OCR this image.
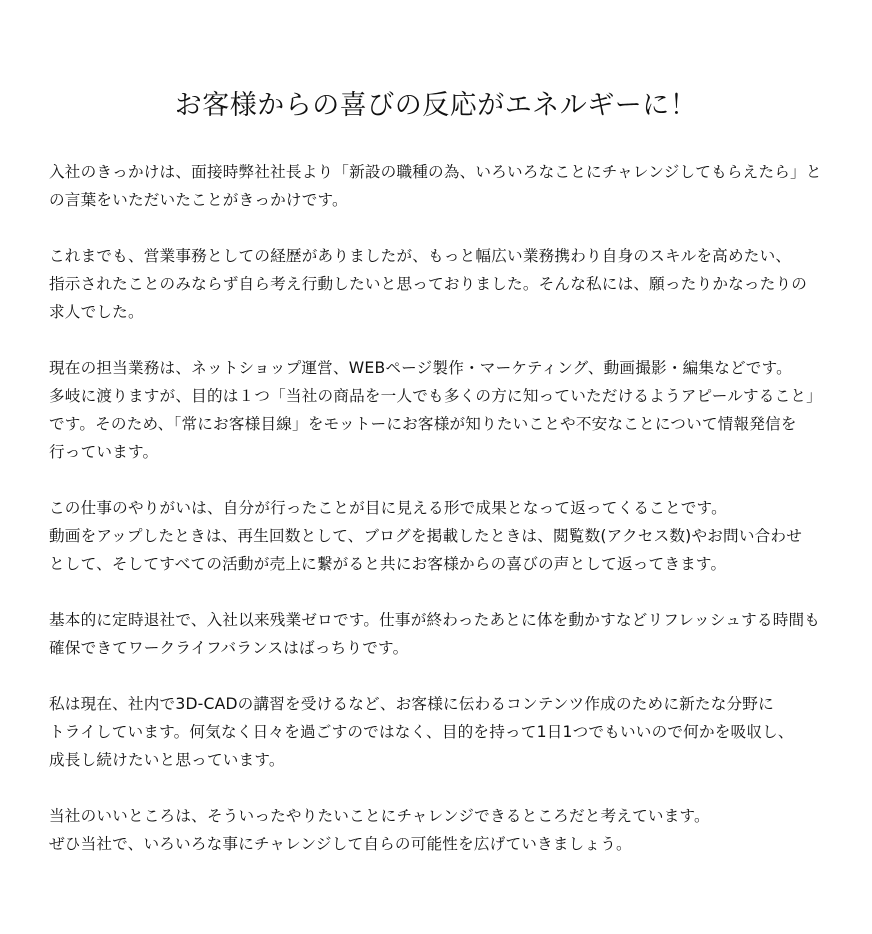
お客様からの喜びの反応がエネルギーに！

入社のきっかけは、面接時弊社社長より「新設の職種の為、いろいろなことにチャレンジしてもらえたら」と
の言葉をいただいたことがきっかけです。

これまでも、営業事務としての経歴がありましたが、もっと幅広い業務携わり自身のスキルを高めたい、
指示されたことのみならず自ら考え行動したいと思っておりました。そんな私には、願ったりかなったりの
求人でした。

現在の担当業務は、ネットショップ運営、WEBページ製作・マーケティング、動画撮影・編集などです。
多岐に渡りますが、目的は１つ「当社の商品を一人でも多くの方に知っていただけるようアピールすること」
です。そのため、「常にお客様目線」をモットーにお客様が知りたいことや不安なことについて情報発信を
行っています。

この仕事のやりがいは、自分が行ったことが目に見える形で成果となって返ってくることです。
動画をアップしたときは、再生回数として、ブログを掲載したときは、閲覧数(アクセス数)やお問い合わせ
として、そしてすべての活動が売上に繋がると共にお客様からの喜びの声として返ってきます。

基本的に定時退社で、入社以来残業ゼロです。仕事が終わったあとに体を動かすなどリフレッシュする時間も
確保できてワークライフバランスはばっちりです。

私は現在、社内で3D-CADの講習を受けるなど、お客様に伝わるコンテンツ作成のために新たな分野に
トライしています。何気なく日々を過ごすのではなく、目的を持って1日1つでもいいので何かを吸収し、
成長し続けたいと思っています。

当社のいいところは、そういったやりたいことにチャレンジできるところだと考えています。
ぜひ当社で、いろいろな事にチャレンジして自らの可能性を広げていきましょう。
